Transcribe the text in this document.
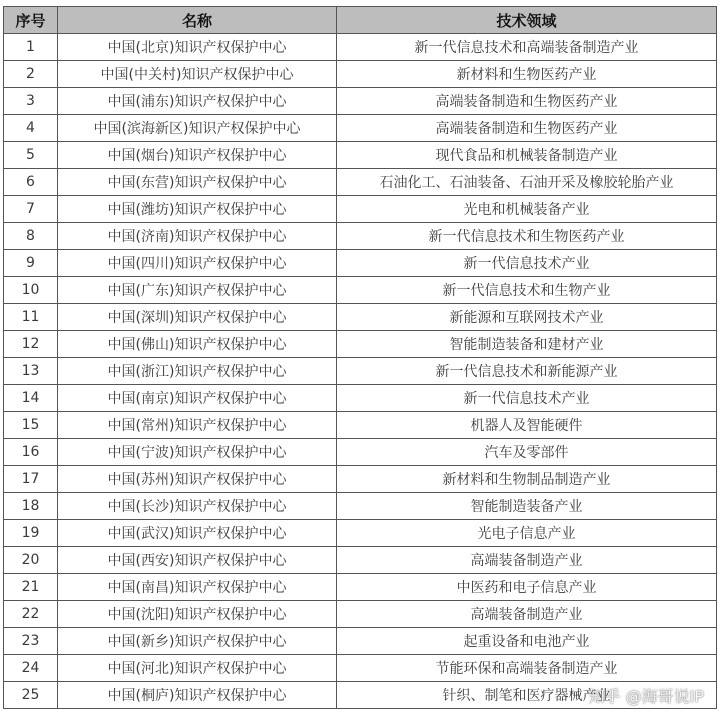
序号	名称	技术领域
1	中国(北京)知识产权保护中心	新一代信息技术和高端装备制造产业
2	中国(中关村)知识产权保护中心	新材料和生物医药产业
3	中国(浦东)知识产权保护中心	高端装备制造和生物医药产业
4	中国(滨海新区)知识产权保护中心	高端装备制造和生物医药产业
5	中国(烟台)知识产权保护中心	现代食品和机械装备制造产业
6	中国(东营)知识产权保护中心	石油化工、石油装备、石油开采及橡胶轮胎产业
7	中国(潍坊)知识产权保护中心	光电和机械装备产业
8	中国(济南)知识产权保护中心	新一代信息技术和生物医药产业
9	中国(四川)知识产权保护中心	新一代信息技术产业
10	中国(广东)知识产权保护中心	新一代信息技术和生物产业
11	中国(深圳)知识产权保护中心	新能源和互联网技术产业
12	中国(佛山)知识产权保护中心	智能制造装备和建材产业
13	中国(浙江)知识产权保护中心	新一代信息技术和新能源产业
14	中国(南京)知识产权保护中心	新一代信息技术产业
15	中国(常州)知识产权保护中心	机器人及智能硬件
16	中国(宁波)知识产权保护中心	汽车及零部件
17	中国(苏州)知识产权保护中心	新材料和生物制品制造产业
18	中国(长沙)知识产权保护中心	智能制造装备产业
19	中国(武汉)知识产权保护中心	光电子信息产业
20	中国(西安)知识产权保护中心	高端装备制造产业
21	中国(南昌)知识产权保护中心	中医药和电子信息产业
22	中国(沈阳)知识产权保护中心	高端装备制造产业
23	中国(新乡)知识产权保护中心	起重设备和电池产业
24	中国(河北)知识产权保护中心	节能环保和高端装备制造产业
25	中国(桐庐)知识产权保护中心	针织、制笔和医疗器械产业
知乎 @海哥说IP
